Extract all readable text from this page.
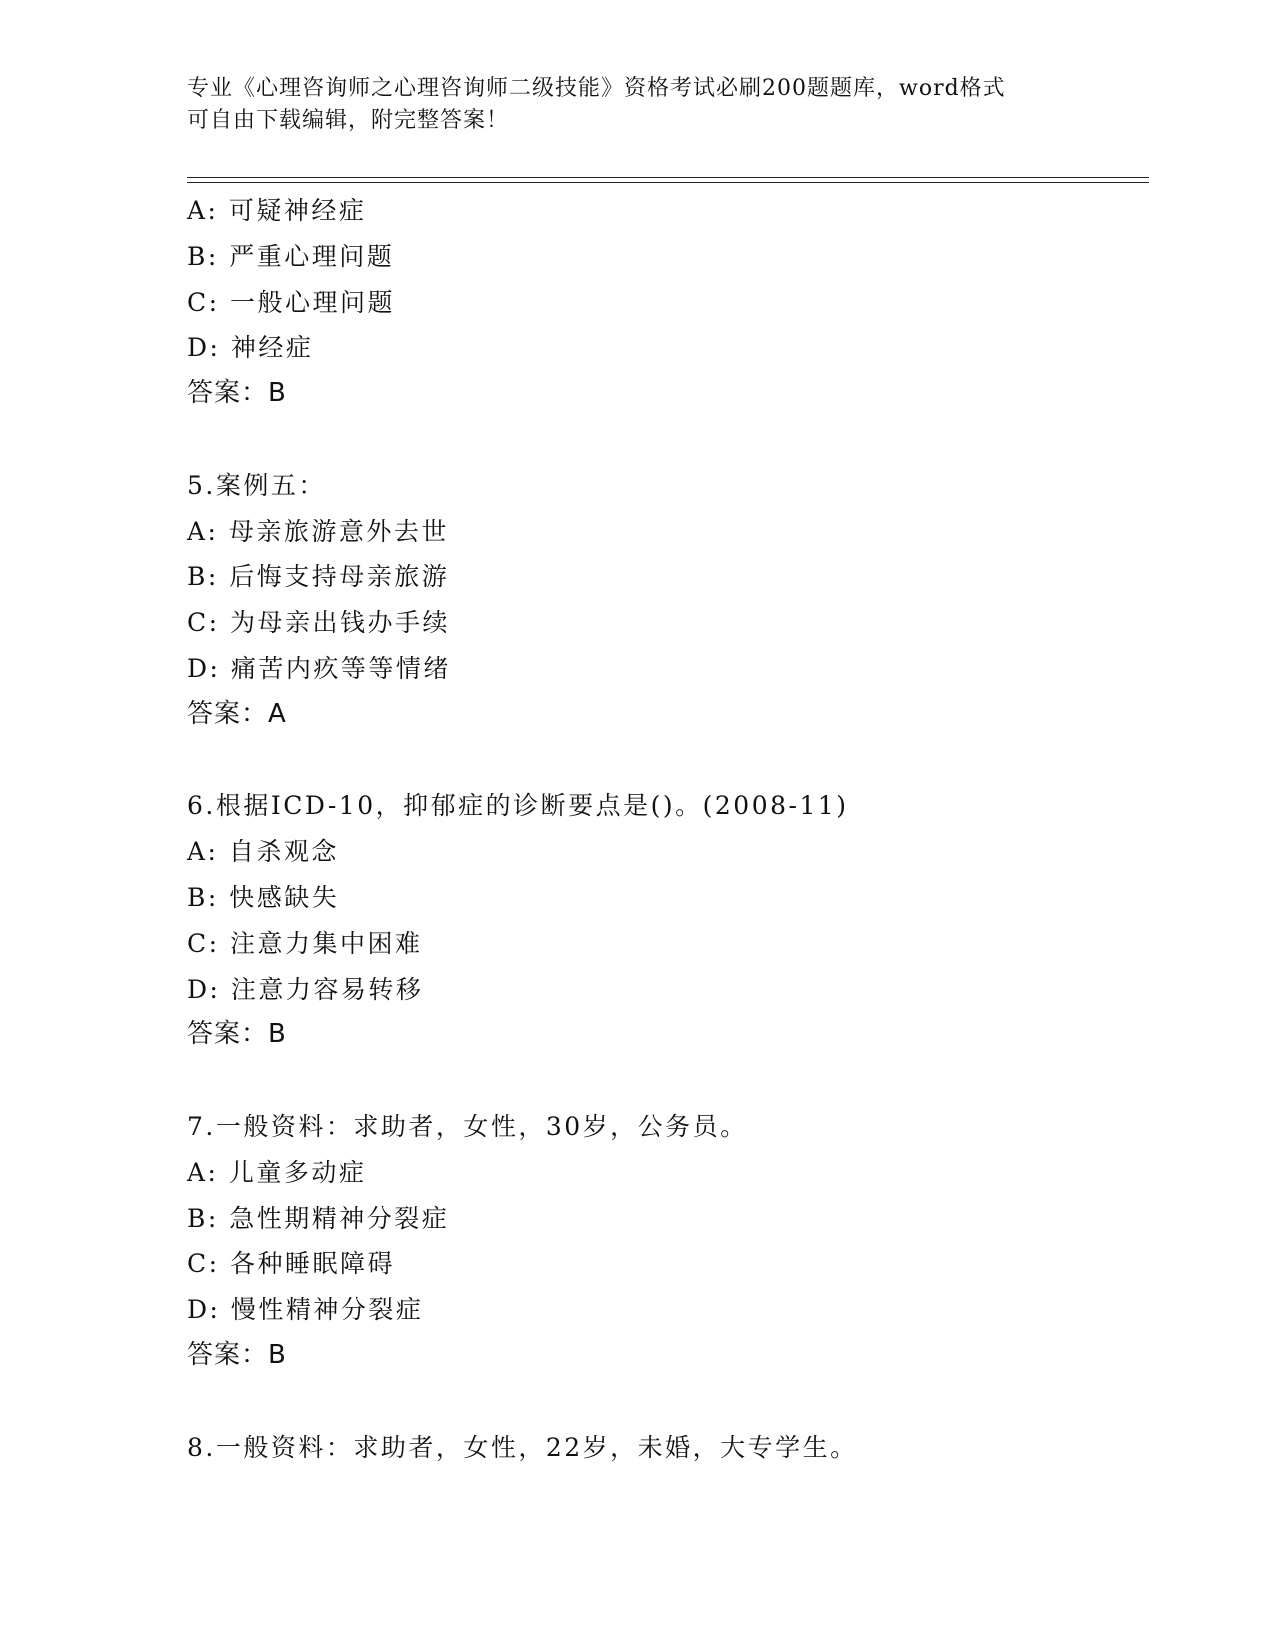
专业《心理咨询师之心理咨询师二级技能》资格考试必刷200题题库，word格式
可自由下载编辑，附完整答案！
A: 可疑神经症
B: 严重心理问题
C: 一般心理问题
D: 神经症
答案：B
5.案例五：
A: 母亲旅游意外去世
B: 后悔支持母亲旅游
C: 为母亲出钱办手续
D: 痛苦内疚等等情绪
答案：A
6.根据ICD-10，抑郁症的诊断要点是()。(2008-11)
A: 自杀观念
B: 快感缺失
C: 注意力集中困难
D: 注意力容易转移
答案：B
7.一般资料：求助者，女性，30岁，公务员。
A: 儿童多动症
B: 急性期精神分裂症
C: 各种睡眠障碍
D: 慢性精神分裂症
答案：B
8.一般资料：求助者，女性，22岁，未婚，大专学生。
